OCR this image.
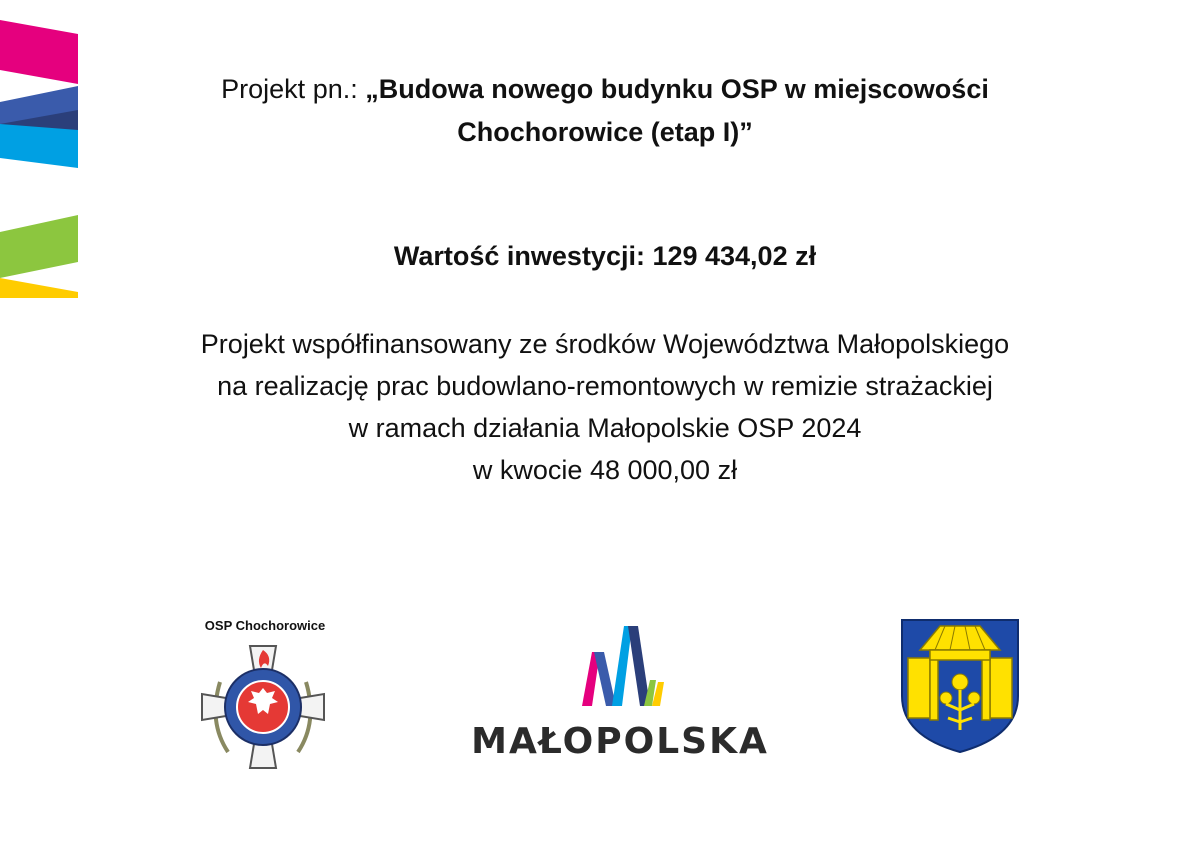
Projekt pn.: „Budowa nowego budynku OSP w miejscowości
Chochorowice (etap I)”
Wartość inwestycji: 129 434,02 zł
Projekt współfinansowany ze środków Województwa Małopolskiego
na realizację prac budowlano-remontowych w remizie strażackiej
w ramach działania Małopolskie OSP 2024
w kwocie 48 000,00 zł
OSP Chochorowice
MAŁOPOLSKA
